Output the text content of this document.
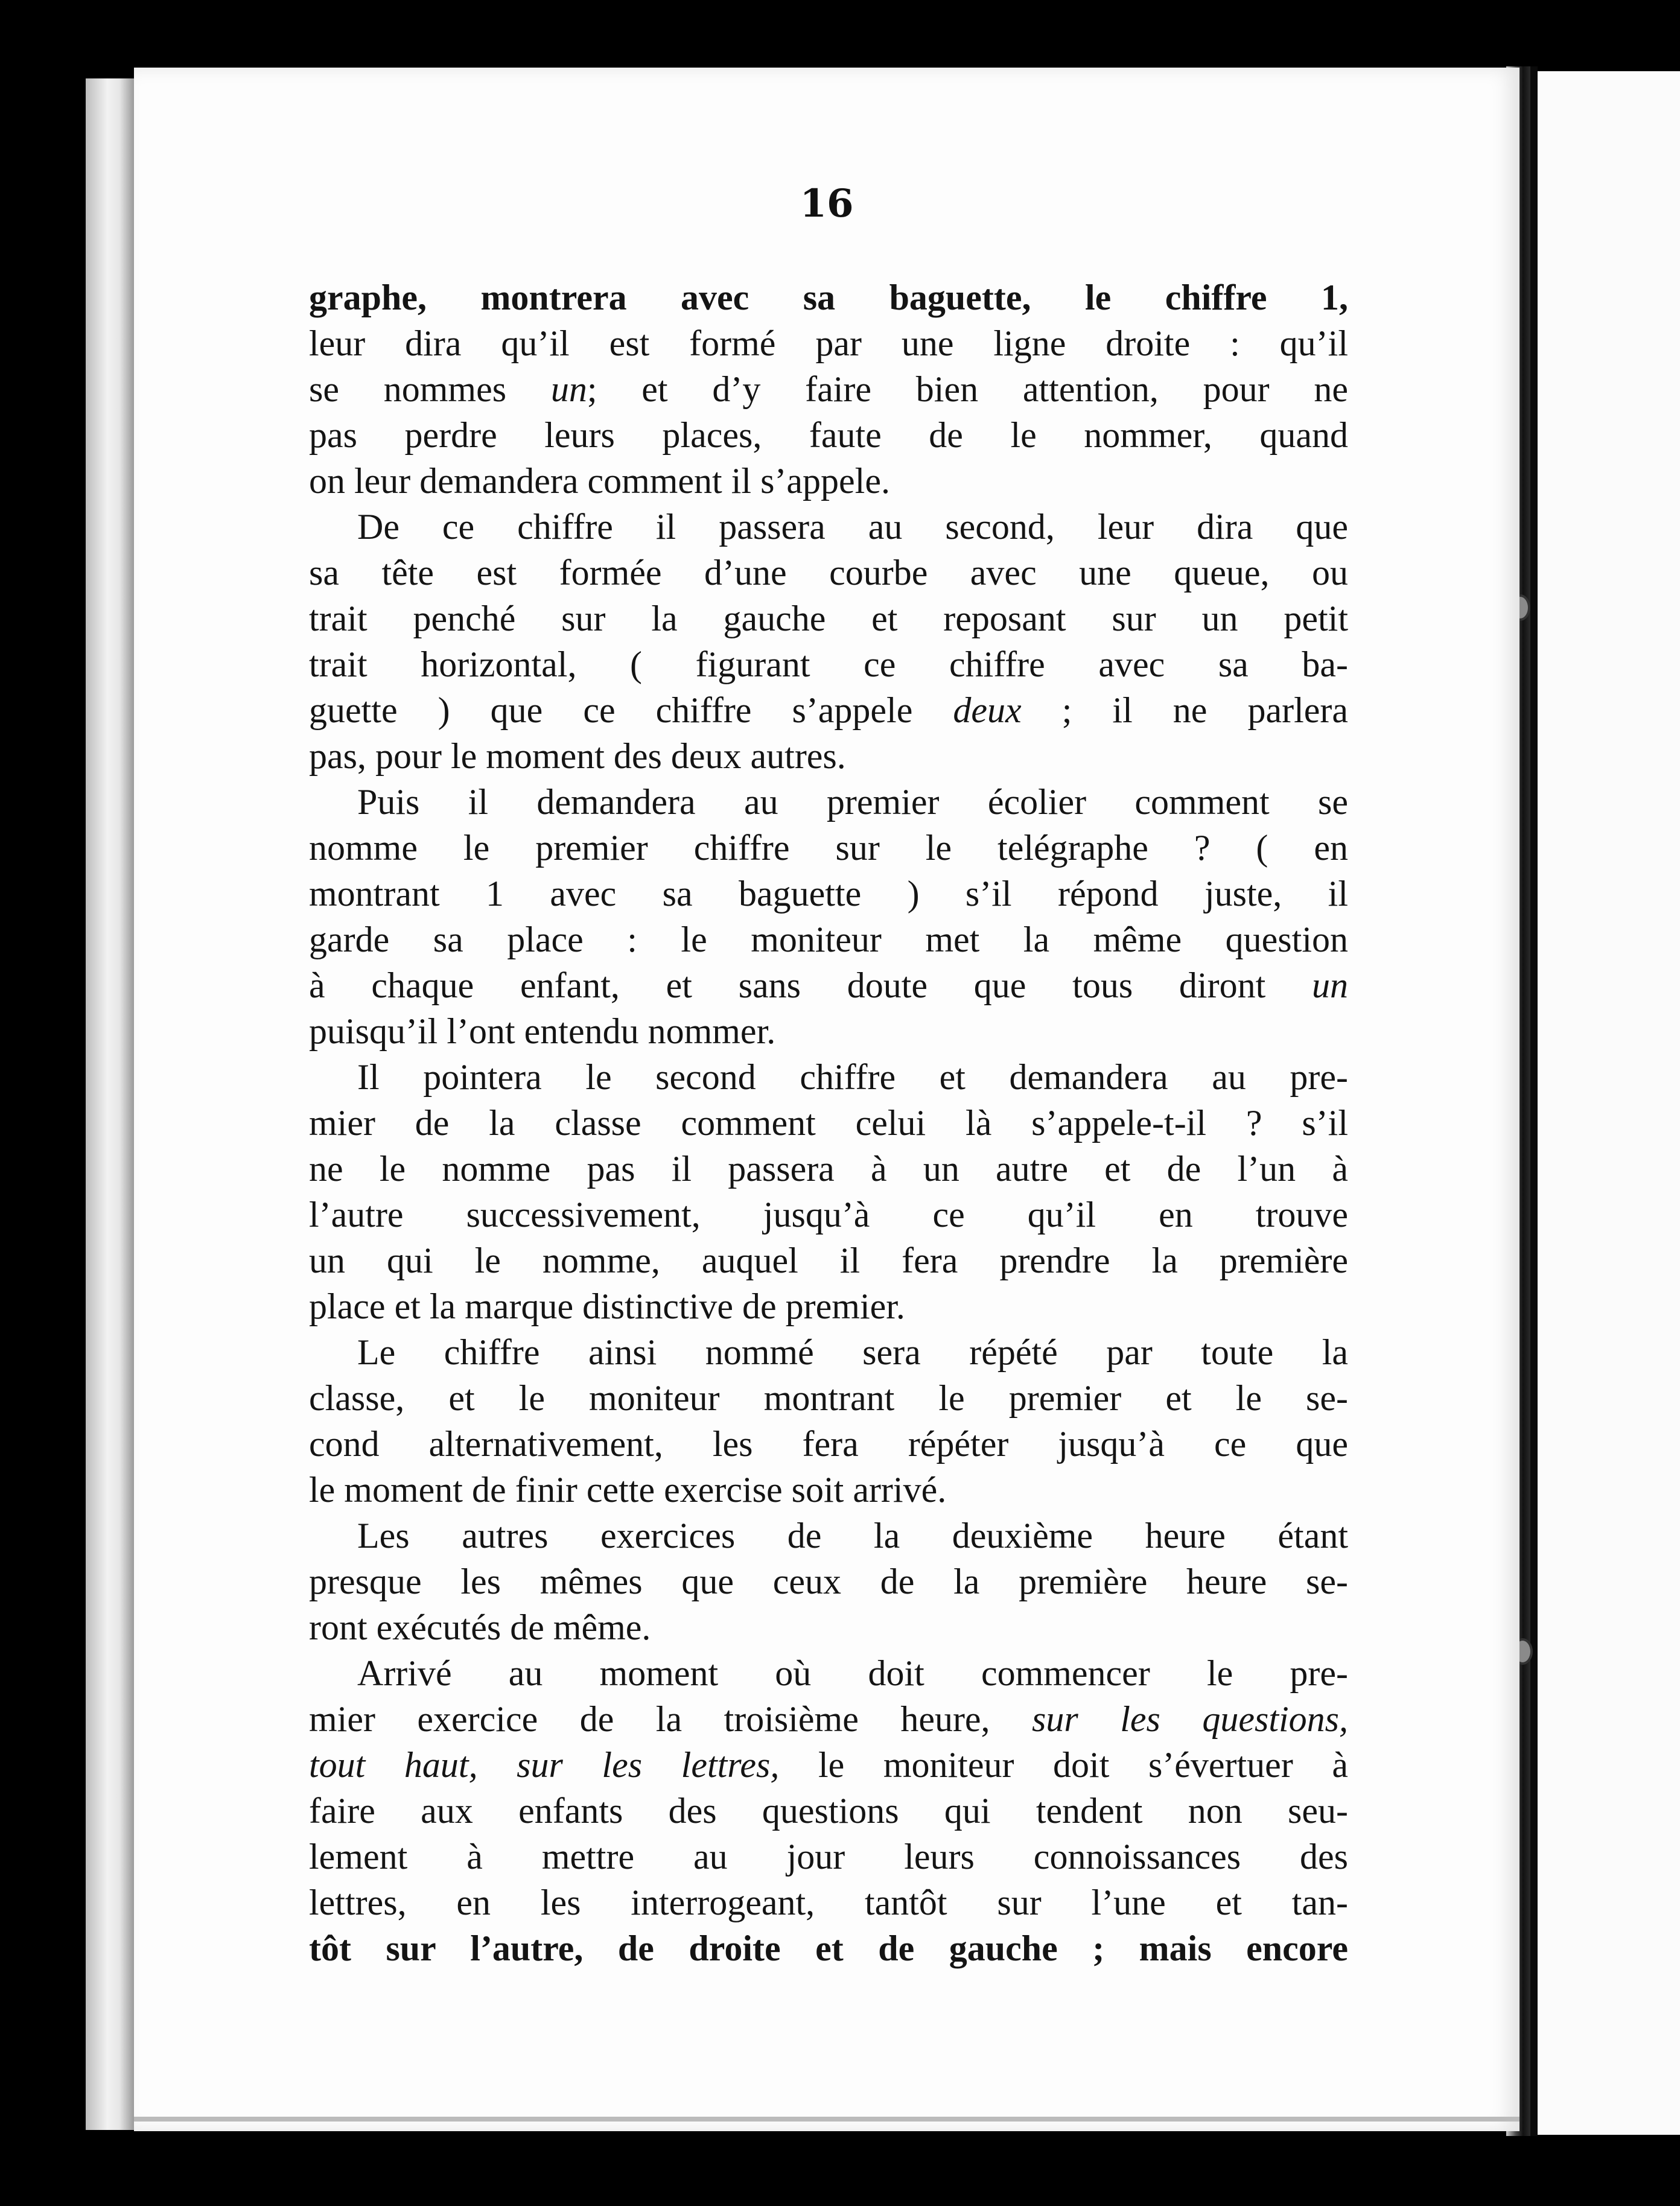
16
graphe, montrera avec sa baguette, le chiffre 1,
leur dira qu’il est formé par une ligne droite : qu’il
se nommes un; et d’y faire bien attention, pour ne
pas perdre leurs places, faute de le nommer, quand
on leur demandera comment il s’appele.
De ce chiffre il passera au second, leur dira que
sa tête est formée d’une courbe avec une queue, ou
trait penché sur la gauche et reposant sur un petit
trait horizontal, ( figurant ce chiffre avec sa ba-
guette ) que ce chiffre s’appele deux ; il ne parlera
pas, pour le moment des deux autres.
Puis il demandera au premier écolier comment se
nomme le premier chiffre sur le telégraphe ? ( en
montrant 1 avec sa baguette ) s’il répond juste, il
garde sa place : le moniteur met la même question
à chaque enfant, et sans doute que tous diront un
puisqu’il l’ont entendu nommer.
Il pointera le second chiffre et demandera au pre-
mier de la classe comment celui là s’appele-t-il ? s’il
ne le nomme pas il passera à un autre et de l’un à
l’autre successivement, jusqu’à ce qu’il en trouve
un qui le nomme, auquel il fera prendre la première
place et la marque distinctive de premier.
Le chiffre ainsi nommé sera répété par toute la
classe, et le moniteur montrant le premier et le se-
cond alternativement, les fera répéter jusqu’à ce que
le moment de finir cette exercise soit arrivé.
Les autres exercices de la deuxième heure étant
presque les mêmes que ceux de la première heure se-
ront exécutés de même.
Arrivé au moment où doit commencer le pre-
mier exercice de la troisième heure, sur les questions,
tout haut, sur les lettres, le moniteur doit s’évertuer à
faire aux enfants des questions qui tendent non seu-
lement à mettre au jour leurs connoissances des
lettres, en les interrogeant, tantôt sur l’une et tan-
tôt sur l’autre, de droite et de gauche ; mais encore
